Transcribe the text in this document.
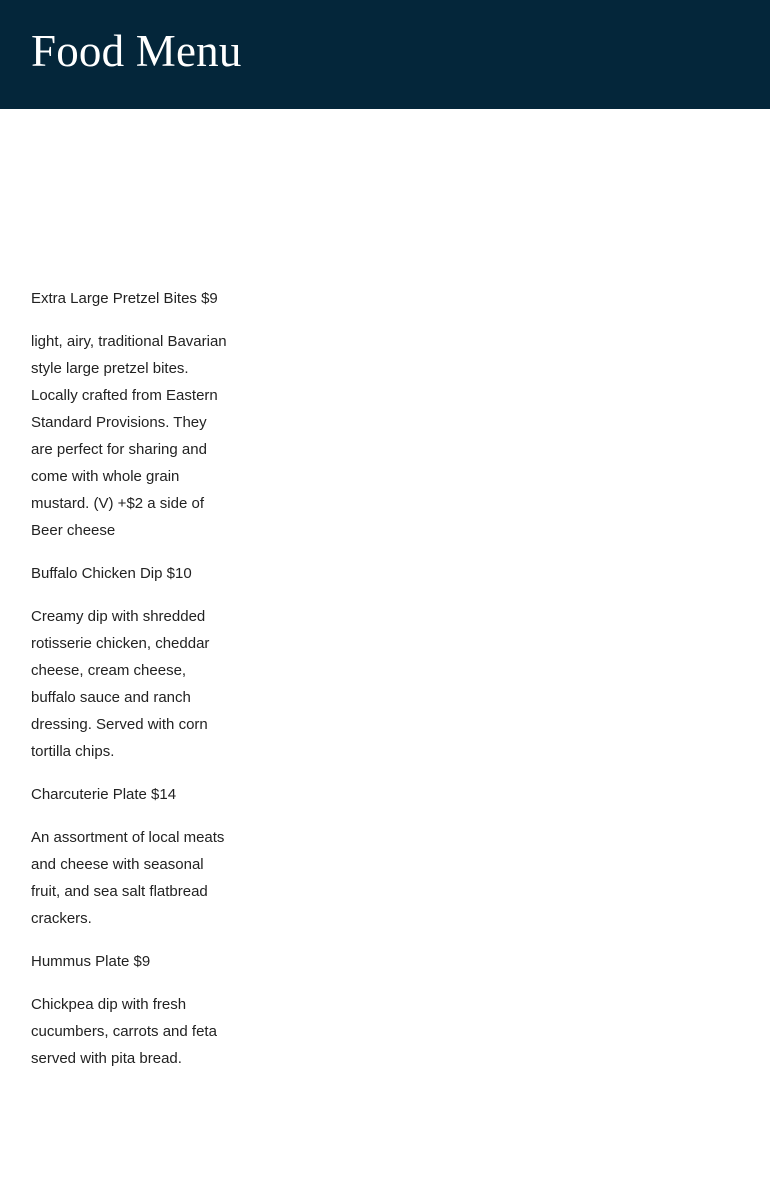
Food Menu

Extra Large Pretzel Bites $9

light, airy, traditional Bavarian style large pretzel bites. Locally crafted from Eastern Standard Provisions. They are perfect for sharing and come with whole grain mustard. (V) +$2 a side of Beer cheese

Buffalo Chicken Dip $10

Creamy dip with shredded rotisserie chicken, cheddar cheese, cream cheese, buffalo sauce and ranch dressing. Served with corn tortilla chips.

Charcuterie Plate $14

An assortment of local meats and cheese with seasonal fruit, and sea salt flatbread crackers.

Hummus Plate $9

Chickpea dip with fresh cucumbers, carrots and feta served with pita bread.
